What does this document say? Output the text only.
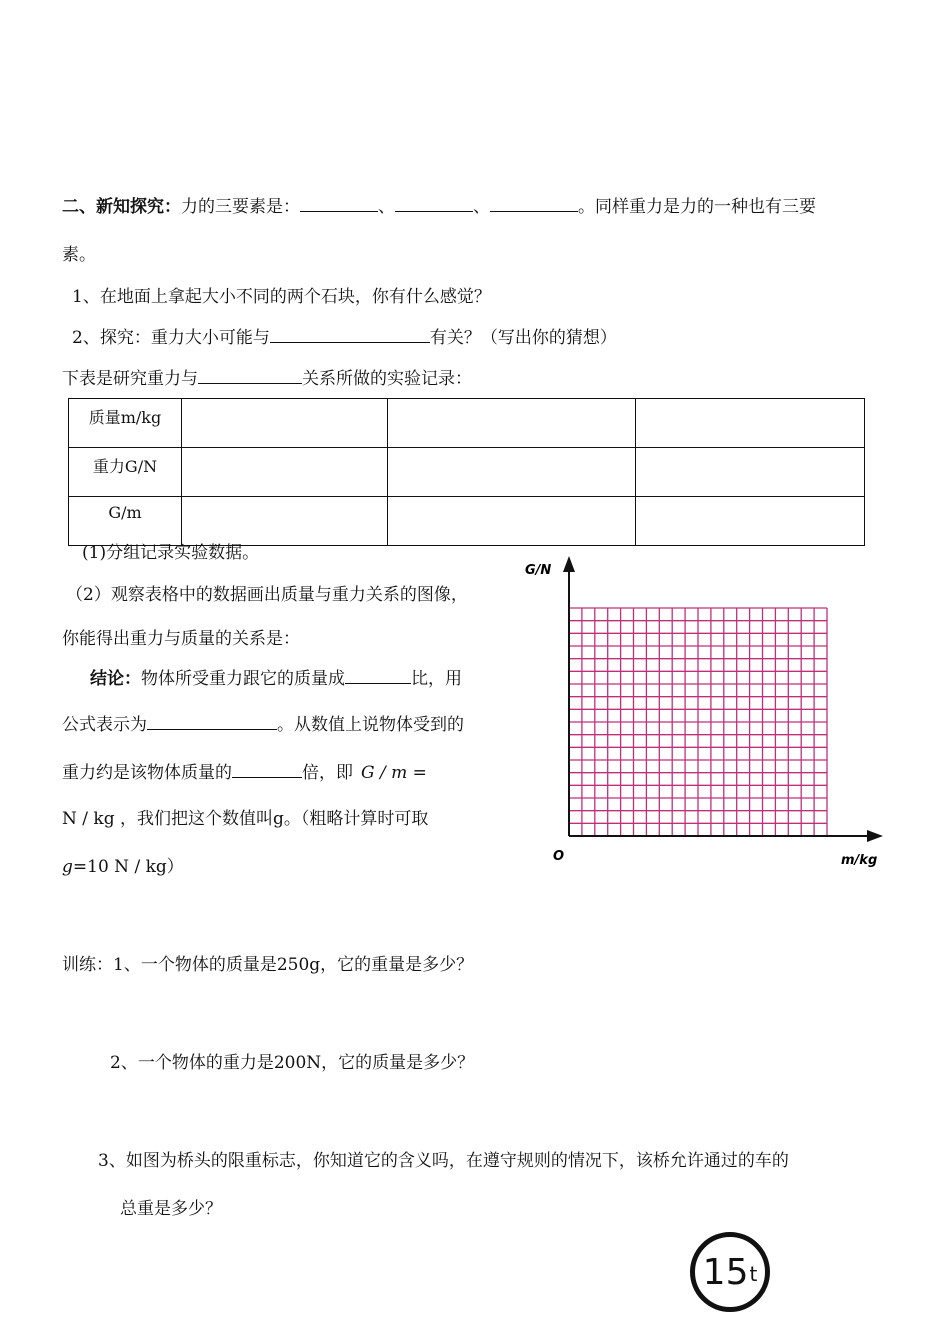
二、新知探究：力的三要素是：	、	、	。同样重力是力的一种也有三要
素。
1、在地面上拿起大小不同的两个石块，你有什么感觉？
2、探究：重力大小可能与	有关？（写出你的猜想）
下表是研究重力与	关系所做的实验记录：
质量m/kg			
重力G/N			
G/m			
(1)分组记录实验数据。
（2）观察表格中的数据画出质量与重力关系的图像，
你能得出重力与质量的关系是：
结论：物体所受重力跟它的质量成	比，用
公式表示为	。从数值上说物体受到的
重力约是该物体质量的	倍，即 G / m =
N / kg ，我们把这个数值叫g。（粗略计算时可取
g=10 N / kg）
G/N
m/kg
O
训练：1、一个物体的质量是250g，它的重量是多少？
2、一个物体的重力是200N，它的质量是多少？
3、如图为桥头的限重标志，你知道它的含义吗，在遵守规则的情况下，该桥允许通过的车的
总重是多少？
15 t
